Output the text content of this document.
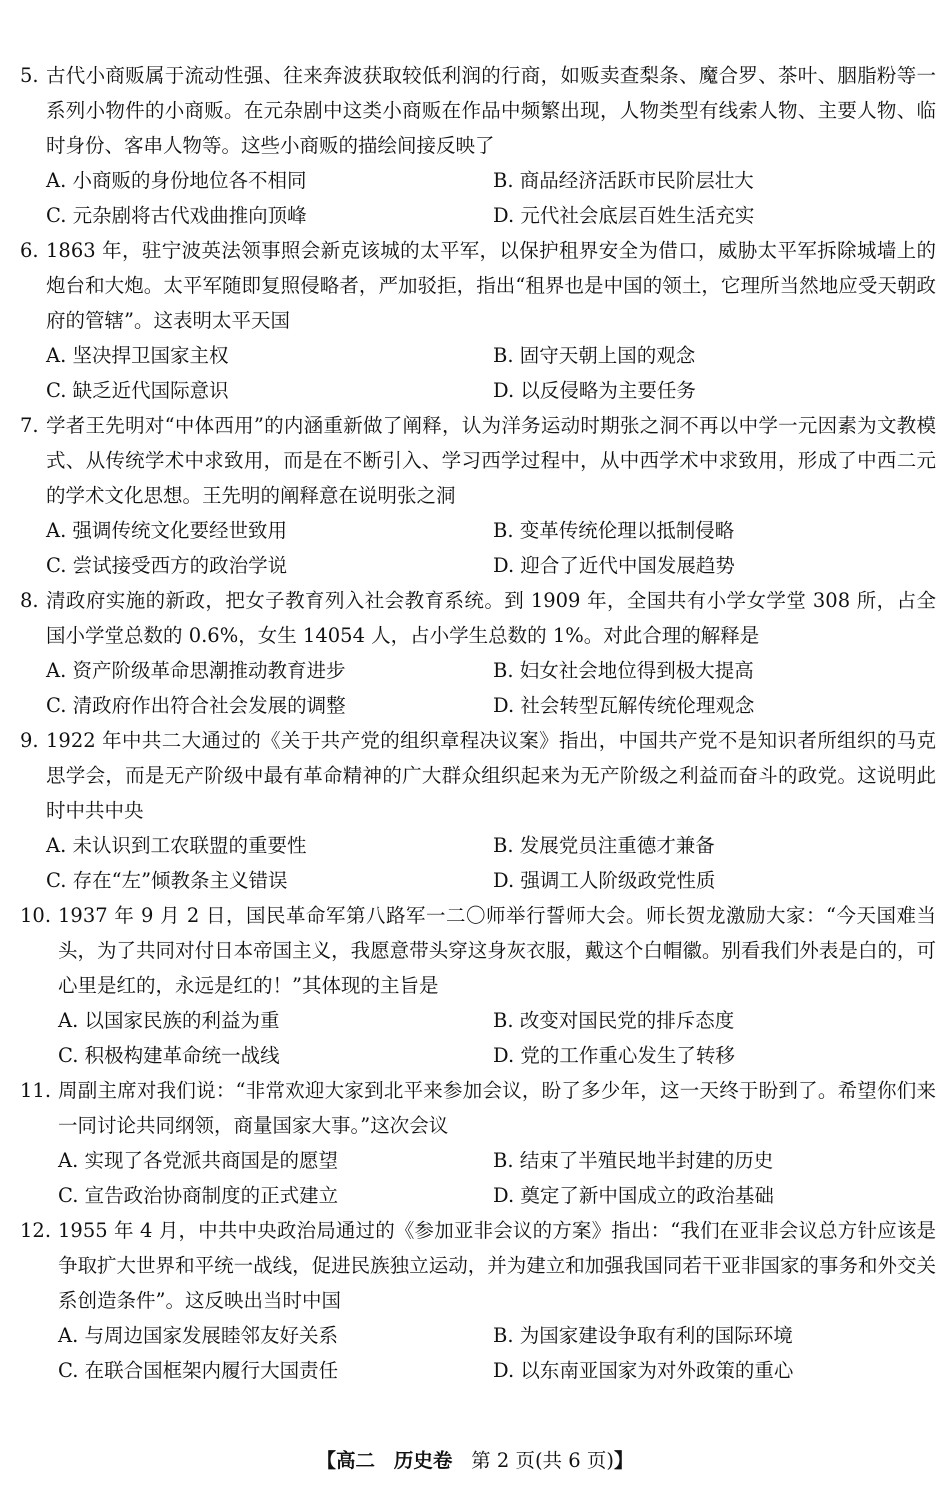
5. 古代小商贩属于流动性强、往来奔波获取较低利润的行商，如贩卖查梨条、魔合罗、茶叶、胭脂粉等一系列小物件的小商贩。在元杂剧中这类小商贩在作品中频繁出现，人物类型有线索人物、主要人物、临时身份、客串人物等。这些小商贩的描绘间接反映了
A. 小商贩的身份地位各不相同	B. 商品经济活跃市民阶层壮大
C. 元杂剧将古代戏曲推向顶峰	D. 元代社会底层百姓生活充实
6. 1863 年，驻宁波英法领事照会新克该城的太平军，以保护租界安全为借口，威胁太平军拆除城墙上的炮台和大炮。太平军随即复照侵略者，严加驳拒，指出“租界也是中国的领土，它理所当然地应受天朝政府的管辖”。这表明太平天国
A. 坚决捍卫国家主权	B. 固守天朝上国的观念
C. 缺乏近代国际意识	D. 以反侵略为主要任务
7. 学者王先明对“中体西用”的内涵重新做了阐释，认为洋务运动时期张之洞不再以中学一元因素为文教模式、从传统学术中求致用，而是在不断引入、学习西学过程中，从中西学术中求致用，形成了中西二元的学术文化思想。王先明的阐释意在说明张之洞
A. 强调传统文化要经世致用	B. 变革传统伦理以抵制侵略
C. 尝试接受西方的政治学说	D. 迎合了近代中国发展趋势
8. 清政府实施的新政，把女子教育列入社会教育系统。到 1909 年，全国共有小学女学堂 308 所，占全国小学堂总数的 0.6%，女生 14054 人，占小学生总数的 1%。对此合理的解释是
A. 资产阶级革命思潮推动教育进步	B. 妇女社会地位得到极大提高
C. 清政府作出符合社会发展的调整	D. 社会转型瓦解传统伦理观念
9. 1922 年中共二大通过的《关于共产党的组织章程决议案》指出，中国共产党不是知识者所组织的马克思学会，而是无产阶级中最有革命精神的广大群众组织起来为无产阶级之利益而奋斗的政党。这说明此时中共中央
A. 未认识到工农联盟的重要性	B. 发展党员注重德才兼备
C. 存在“左”倾教条主义错误	D. 强调工人阶级政党性质
10. 1937 年 9 月 2 日，国民革命军第八路军一二〇师举行誓师大会。师长贺龙激励大家：“今天国难当头，为了共同对付日本帝国主义，我愿意带头穿这身灰衣服，戴这个白帽徽。别看我们外表是白的，可心里是红的，永远是红的！”其体现的主旨是
A. 以国家民族的利益为重	B. 改变对国民党的排斥态度
C. 积极构建革命统一战线	D. 党的工作重心发生了转移
11. 周副主席对我们说：“非常欢迎大家到北平来参加会议，盼了多少年，这一天终于盼到了。希望你们来一同讨论共同纲领，商量国家大事。”这次会议
A. 实现了各党派共商国是的愿望	B. 结束了半殖民地半封建的历史
C. 宣告政治协商制度的正式建立	D. 奠定了新中国成立的政治基础
12. 1955 年 4 月，中共中央政治局通过的《参加亚非会议的方案》指出：“我们在亚非会议总方针应该是争取扩大世界和平统一战线，促进民族独立运动，并为建立和加强我国同若干亚非国家的事务和外交关系创造条件”。这反映出当时中国
A. 与周边国家发展睦邻友好关系	B. 为国家建设争取有利的国际环境
C. 在联合国框架内履行大国责任	D. 以东南亚国家为对外政策的重心
【高二 历史卷 第 2 页(共 6 页)】
